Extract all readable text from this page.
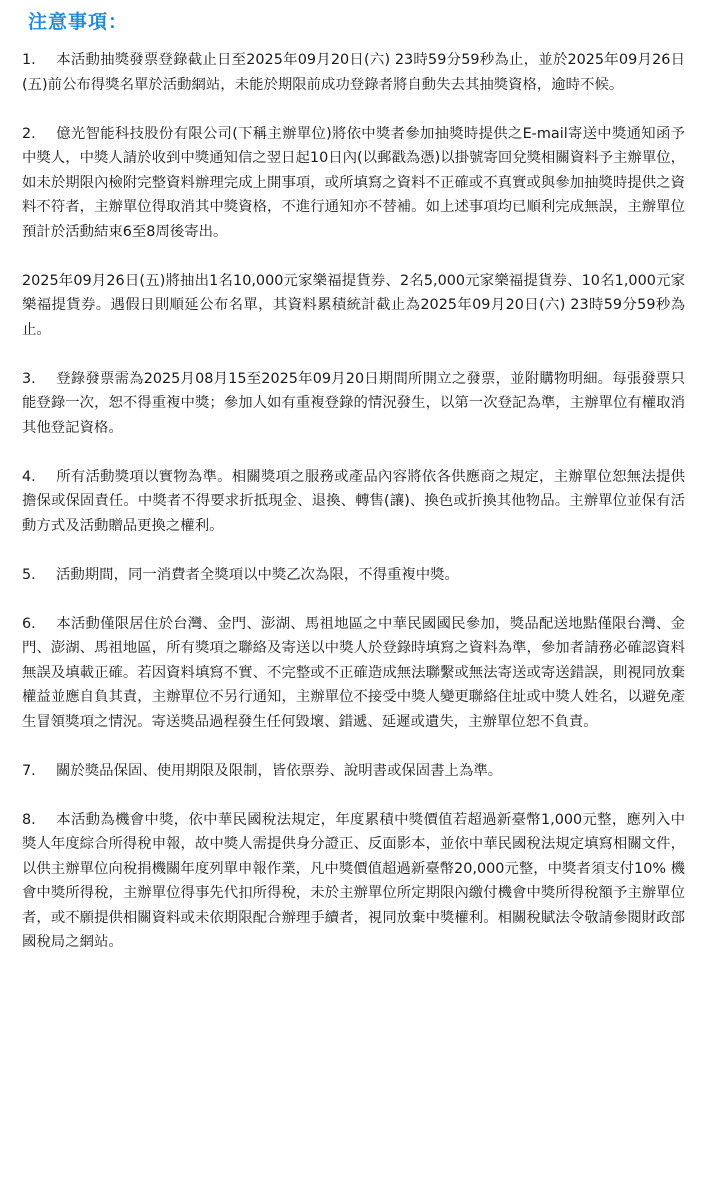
注意事項：

1. 本活動抽獎發票登錄截止日至2025年09月20日(六) 23時59分59秒為止，並於2025年09月26日(五)前公布得獎名單於活動網站，未能於期限前成功登錄者將自動失去其抽獎資格，逾時不候。

2. 億光智能科技股份有限公司(下稱主辦單位)將依中獎者參加抽獎時提供之E-mail寄送中獎通知函予中獎人，中獎人請於收到中獎通知信之翌日起10日內(以郵戳為憑)以掛號寄回兌獎相關資料予主辦單位，如未於期限內檢附完整資料辦理完成上開事項，或所填寫之資料不正確或不真實或與參加抽獎時提供之資料不符者，主辦單位得取消其中獎資格，不進行通知亦不替補。如上述事項均已順利完成無誤，主辦單位預計於活動結束6至8周後寄出。

2025年09月26日(五)將抽出1名10,000元家樂福提貨券、2名5,000元家樂福提貨券、10名1,000元家樂福提貨券。遇假日則順延公布名單，其資料累積統計截止為2025年09月20日(六) 23時59分59秒為止。

3. 登錄發票需為2025月08月15至2025年09月20日期間所開立之發票，並附購物明細。每張發票只能登錄一次，恕不得重複中獎；參加人如有重複登錄的情況發生，以第一次登記為準，主辦單位有權取消其他登記資格。

4. 所有活動獎項以實物為準。相關獎項之服務或產品內容將依各供應商之規定，主辦單位恕無法提供擔保或保固責任。中獎者不得要求折抵現金、退換、轉售(讓)、換色或折換其他物品。主辦單位並保有活動方式及活動贈品更換之權利。

5. 活動期間，同一消費者全獎項以中獎乙次為限，不得重複中獎。

6. 本活動僅限居住於台灣、金門、澎湖、馬祖地區之中華民國國民參加，獎品配送地點僅限台灣、金門、澎湖、馬祖地區，所有獎項之聯絡及寄送以中獎人於登錄時填寫之資料為準，參加者請務必確認資料無誤及填載正確。若因資料填寫不實、不完整或不正確造成無法聯繫或無法寄送或寄送錯誤，則視同放棄權益並應自負其責，主辦單位不另行通知，主辦單位不接受中獎人變更聯絡住址或中獎人姓名，以避免產生冒領獎項之情況。寄送獎品過程發生任何毀壞、錯遞、延遲或遺失，主辦單位恕不負責。

7. 關於獎品保固、使用期限及限制，皆依票券、說明書或保固書上為準。

8. 本活動為機會中獎，依中華民國稅法規定，年度累積中獎價值若超過新臺幣1,000元整，應列入中獎人年度綜合所得稅申報，故中獎人需提供身分證正、反面影本，並依中華民國稅法規定填寫相關文件，以供主辦單位向稅捐機關年度列單申報作業，凡中獎價值超過新臺幣20,000元整，中獎者須支付10% 機會中獎所得稅，主辦單位得事先代扣所得稅，未於主辦單位所定期限內繳付機會中獎所得稅額予主辦單位者，或不願提供相關資料或未依期限配合辦理手續者，視同放棄中獎權利。相關稅賦法令敬請參閱財政部國稅局之網站。
